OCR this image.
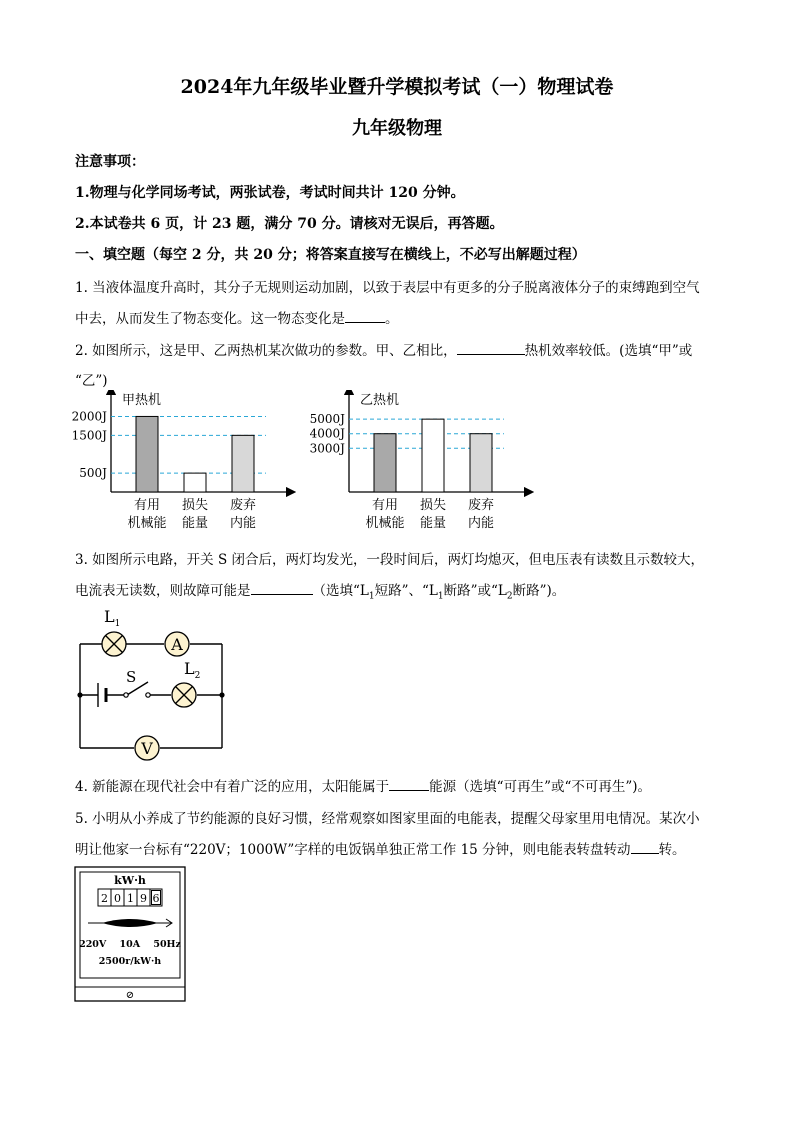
2024年九年级毕业暨升学模拟考试（一）物理试卷
九年级物理
注意事项：
1.物理与化学同场考试，两张试卷，考试时间共计 120 分钟。
2.本试卷共 6 页，计 23 题，满分 70 分。请核对无误后，再答题。
一、填空题（每空 2 分，共 20 分；将答案直接写在横线上，不必写出解题过程）
1. 当液体温度升高时，其分子无规则运动加剧，以致于表层中有更多的分子脱离液体分子的束缚跑到空气
中去，从而发生了物态变化。这一物态变化是	。
2. 如图所示，这是甲、乙两热机某次做功的参数。甲、乙相比，	热机效率较低。(选填“甲”或
“乙”)
甲热机
2000J
1500J
500J
有用
机械能
损失
能量
废弃
内能
乙热机
5000J
4000J
3000J
有用
机械能
损失
能量
废弃
内能
3. 如图所示电路，开关 S 闭合后，两灯均发光，一段时间后，两灯均熄灭，但电压表有读数且示数较大，
电流表无读数，则故障可能是	（选填“$L_1$短路”、“$L_1$断路”或“$L_2$断路”)。
S
$L_1$
A
$L_2$
V
4. 新能源在现代社会中有着广泛的应用，太阳能属于	能源（选填“可再生”或“不可再生”)。
5. 小明从小养成了节约能源的良好习惯，经常观察如图家里面的电能表，提醒父母家里用电情况。某次小
明让他家一台标有“220V；1000W”字样的电饭锅单独正常工作 15 分钟，则电能表转盘转动 转。
kW·h
2 0 1 9 6
220V    10A    50Hz
2500r/kW·h
⊘
